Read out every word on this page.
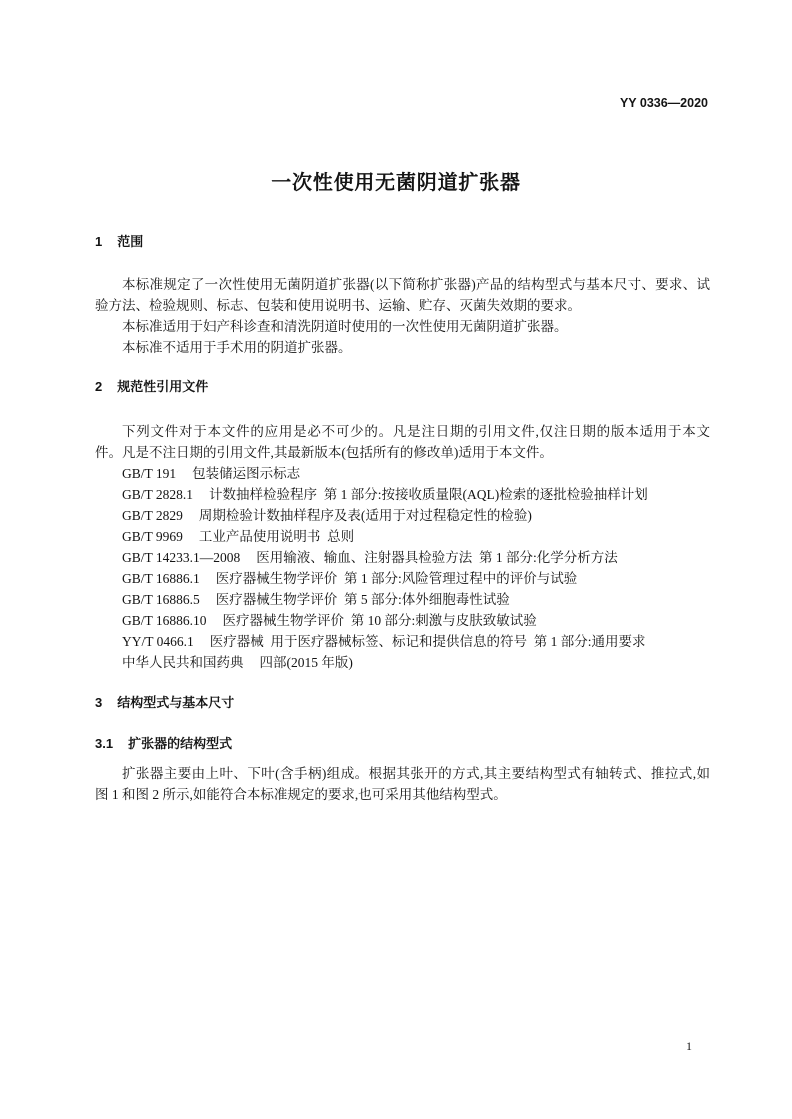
YY 0336—2020
一次性使用无菌阴道扩张器
1 范围
本标准规定了一次性使用无菌阴道扩张器(以下简称扩张器)产品的结构型式与基本尺寸、要求、试
验方法、检验规则、标志、包装和使用说明书、运输、贮存、灭菌失效期的要求。
本标准适用于妇产科诊查和清洗阴道时使用的一次性使用无菌阴道扩张器。
本标准不适用于手术用的阴道扩张器。
2 规范性引用文件
下列文件对于本文件的应用是必不可少的。凡是注日期的引用文件,仅注日期的版本适用于本文
件。凡是不注日期的引用文件,其最新版本(包括所有的修改单)适用于本文件。
GB/T 191 包装储运图示标志
GB/T 2828.1 计数抽样检验程序  第 1 部分:按接收质量限(AQL)检索的逐批检验抽样计划
GB/T 2829 周期检验计数抽样程序及表(适用于对过程稳定性的检验)
GB/T 9969 工业产品使用说明书  总则
GB/T 14233.1—2008 医用输液、输血、注射器具检验方法  第 1 部分:化学分析方法
GB/T 16886.1 医疗器械生物学评价  第 1 部分:风险管理过程中的评价与试验
GB/T 16886.5 医疗器械生物学评价  第 5 部分:体外细胞毒性试验
GB/T 16886.10 医疗器械生物学评价  第 10 部分:刺激与皮肤致敏试验
YY/T 0466.1 医疗器械  用于医疗器械标签、标记和提供信息的符号  第 1 部分:通用要求
中华人民共和国药典 四部(2015 年版)
3 结构型式与基本尺寸
3.1 扩张器的结构型式
扩张器主要由上叶、下叶(含手柄)组成。根据其张开的方式,其主要结构型式有轴转式、推拉式,如
图 1 和图 2 所示,如能符合本标准规定的要求,也可采用其他结构型式。
1
